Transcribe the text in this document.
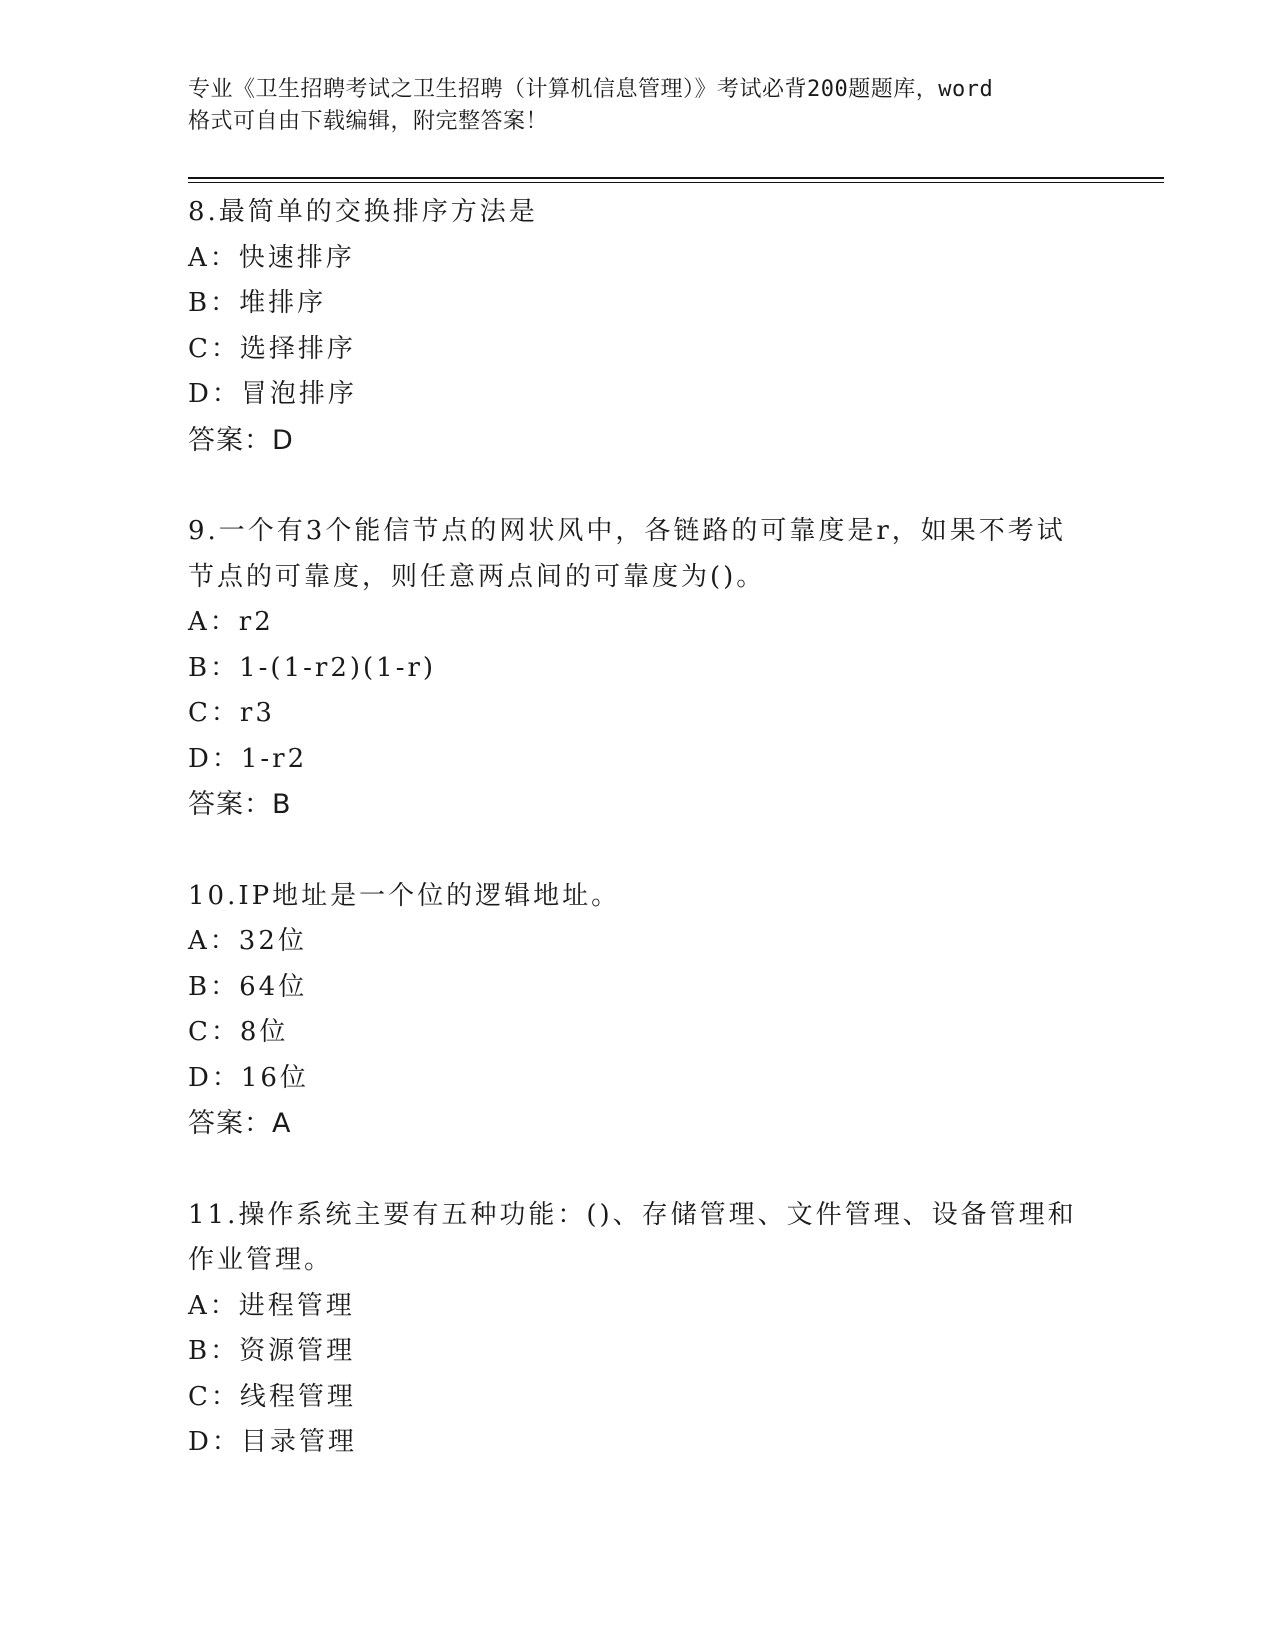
专业《卫生招聘考试之卫生招聘（计算机信息管理）》考试必背200题题库，word
格式可自由下载编辑，附完整答案！
8.最简单的交换排序方法是
A：快速排序
B：堆排序
C：选择排序
D：冒泡排序
答案：D
9.一个有3个能信节点的网状风中，各链路的可靠度是r，如果不考试
节点的可靠度，则任意两点间的可靠度为()。
A：r2
B：1-(1-r2)(1-r)
C：r3
D：1-r2
答案：B
10.IP地址是一个位的逻辑地址。
A：32位
B：64位
C：8位
D：16位
答案：A
11.操作系统主要有五种功能：()、存储管理、文件管理、设备管理和
作业管理。
A：进程管理
B：资源管理
C：线程管理
D：目录管理
